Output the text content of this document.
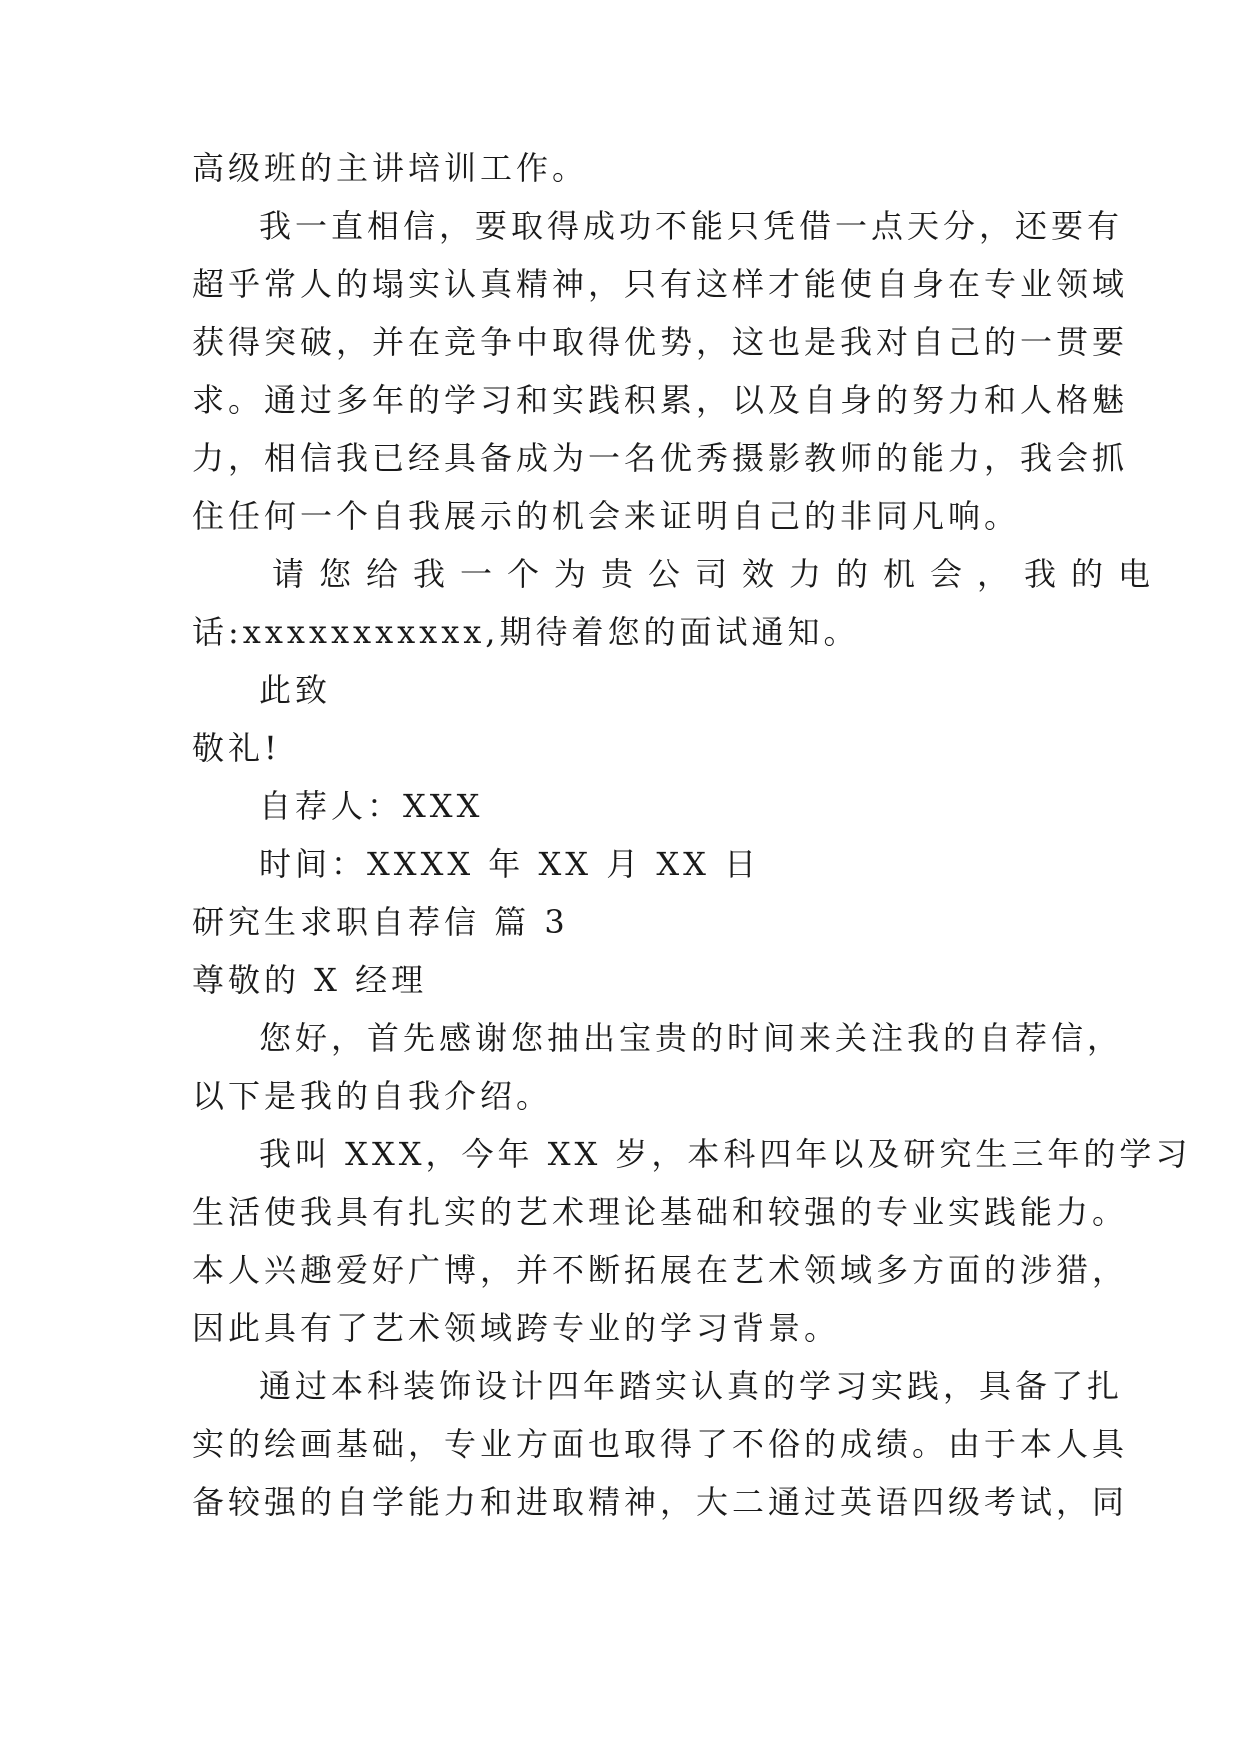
高级班的主讲培训工作。
我一直相信，要取得成功不能只凭借一点天分，还要有
超乎常人的塌实认真精神，只有这样才能使自身在专业领域
获得突破，并在竞争中取得优势，这也是我对自己的一贯要
求。通过多年的学习和实践积累，以及自身的努力和人格魅
力，相信我已经具备成为一名优秀摄影教师的能力，我会抓
住任何一个自我展示的机会来证明自己的非同凡响。
请您给我一个为贵公司效力的机会，我的电
话:xxxxxxxxxxx,期待着您的面试通知。
此致
敬礼!
自荐人：XXX
时间：XXXX 年 XX 月 XX 日
研究生求职自荐信 篇 3
尊敬的 X 经理
您好，首先感谢您抽出宝贵的时间来关注我的自荐信，
以下是我的自我介绍。
我叫 XXX，今年 XX 岁，本科四年以及研究生三年的学习
生活使我具有扎实的艺术理论基础和较强的专业实践能力。
本人兴趣爱好广博，并不断拓展在艺术领域多方面的涉猎，
因此具有了艺术领域跨专业的学习背景。
通过本科装饰设计四年踏实认真的学习实践，具备了扎
实的绘画基础，专业方面也取得了不俗的成绩。由于本人具
备较强的自学能力和进取精神，大二通过英语四级考试，同
